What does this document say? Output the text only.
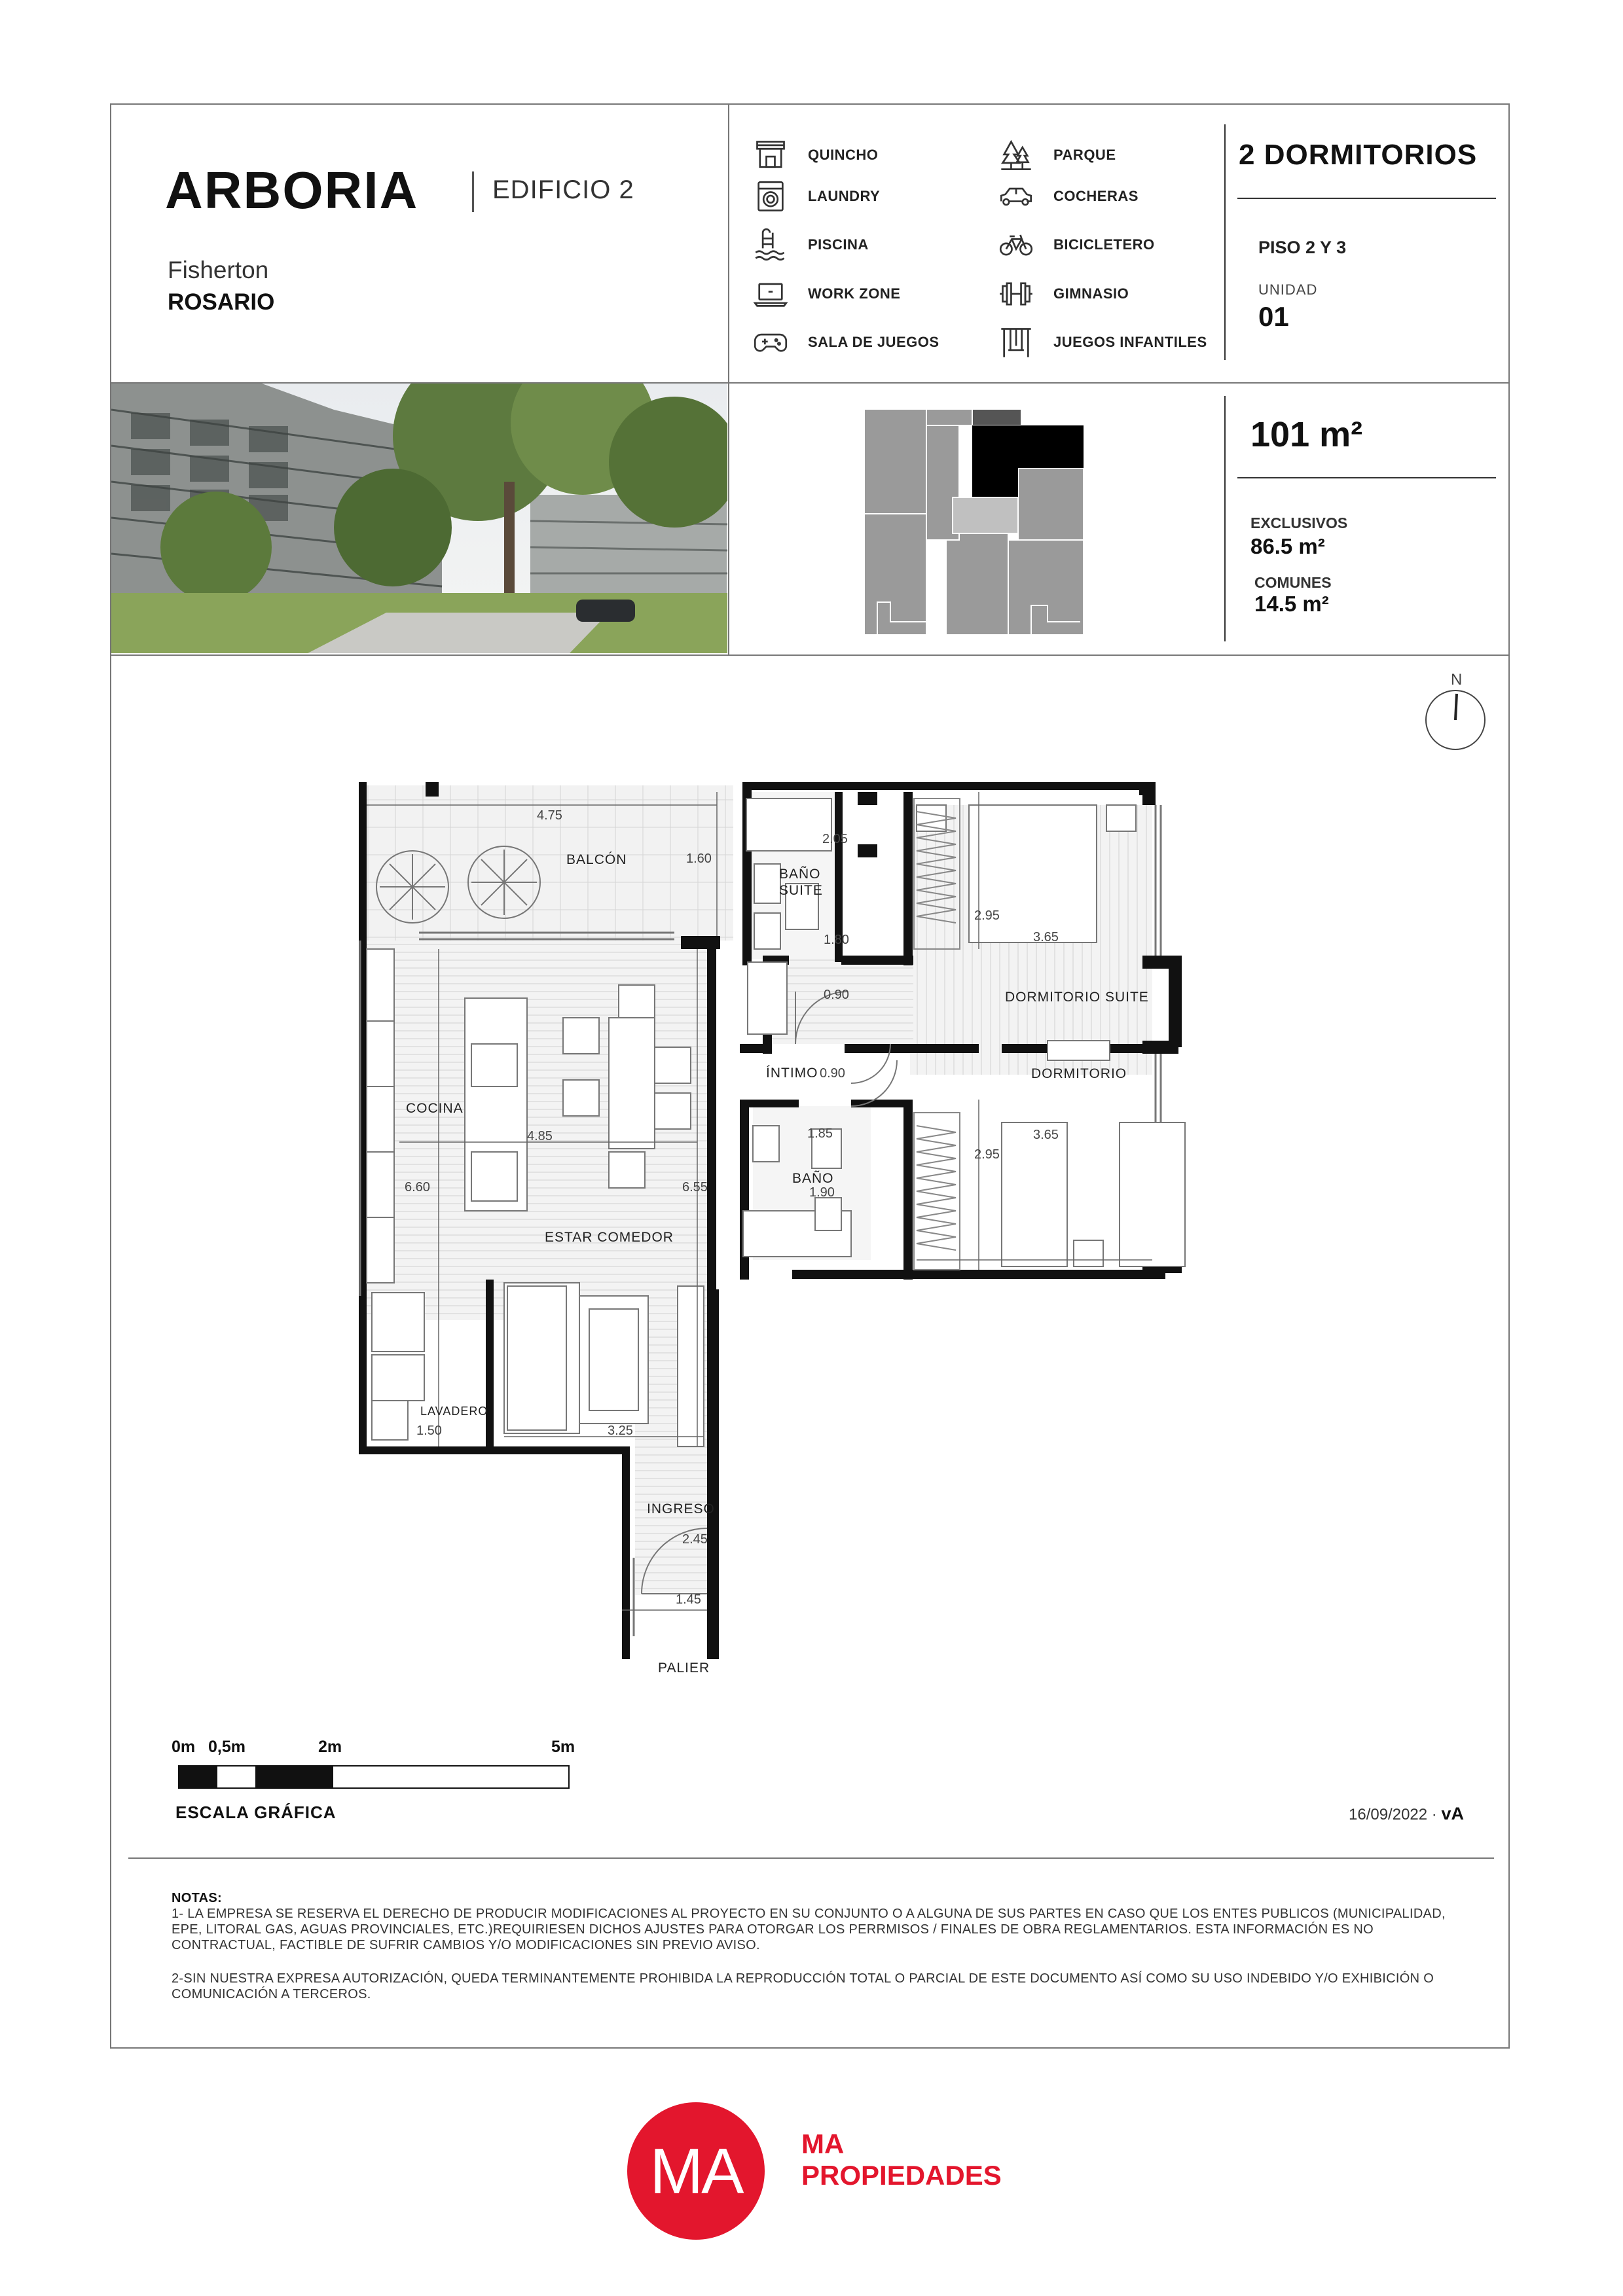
ARBORIA	EDIFICIO 2
Fisherton
ROSARIO
QUINCHO
LAUNDRY
PISCINA
WORK ZONE
SALA DE JUEGOS
PARQUE
COCHERAS
BICICLETERO
GIMNASIO
JUEGOS INFANTILES
2 DORMITORIOS
PISO 2 Y 3
UNIDAD
01
101 m²
EXCLUSIVOS
86.5 m²
COMUNES
14.5 m²
N
BALCÓN
BAÑO
SUITE
DORMITORIO SUITE
DORMITORIO
ÍNTIMO
COCINA
BAÑO
ESTAR COMEDOR
LAVADERO
INGRESO
PALIER
4.75
1.60
2.05
1.80
2.95
3.65
0.90
0.90
4.85	1.85
1.90
2.95
3.65
6.60	6.55
1.50	3.25
2.45
1.45
0m 0,5m	2m	5m
ESCALA GRÁFICA	16/09/2022 · vA

NOTAS:

1- LA EMPRESA SE RESERVA EL DERECHO DE PRODUCIR MODIFICACIONES AL PROYECTO EN SU CONJUNTO O A ALGUNA DE SUS PARTES EN CASO QUE LOS ENTES PUBLICOS (MUNICIPALIDAD, EPE, LITORAL GAS, AGUAS PROVINCIALES, ETC.)REQUIRIESEN DICHOS AJUSTES PARA OTORGAR LOS PERRMISOS / FINALES DE OBRA REGLAMENTARIOS. ESTA INFORMACIÓN ES NO CONTRACTUAL, FACTIBLE DE SUFRIR CAMBIOS Y/O MODIFICACIONES SIN PREVIO AVISO.

2-SIN NUESTRA EXPRESA AUTORIZACIÓN, QUEDA TERMINANTEMENTE PROHIBIDA LA REPRODUCCIÓN TOTAL O PARCIAL DE ESTE DOCUMENTO ASÍ COMO SU USO INDEBIDO Y/O EXHIBICIÓN O COMUNICACIÓN A TERCEROS.

MA	MA
PROPIEDADES
